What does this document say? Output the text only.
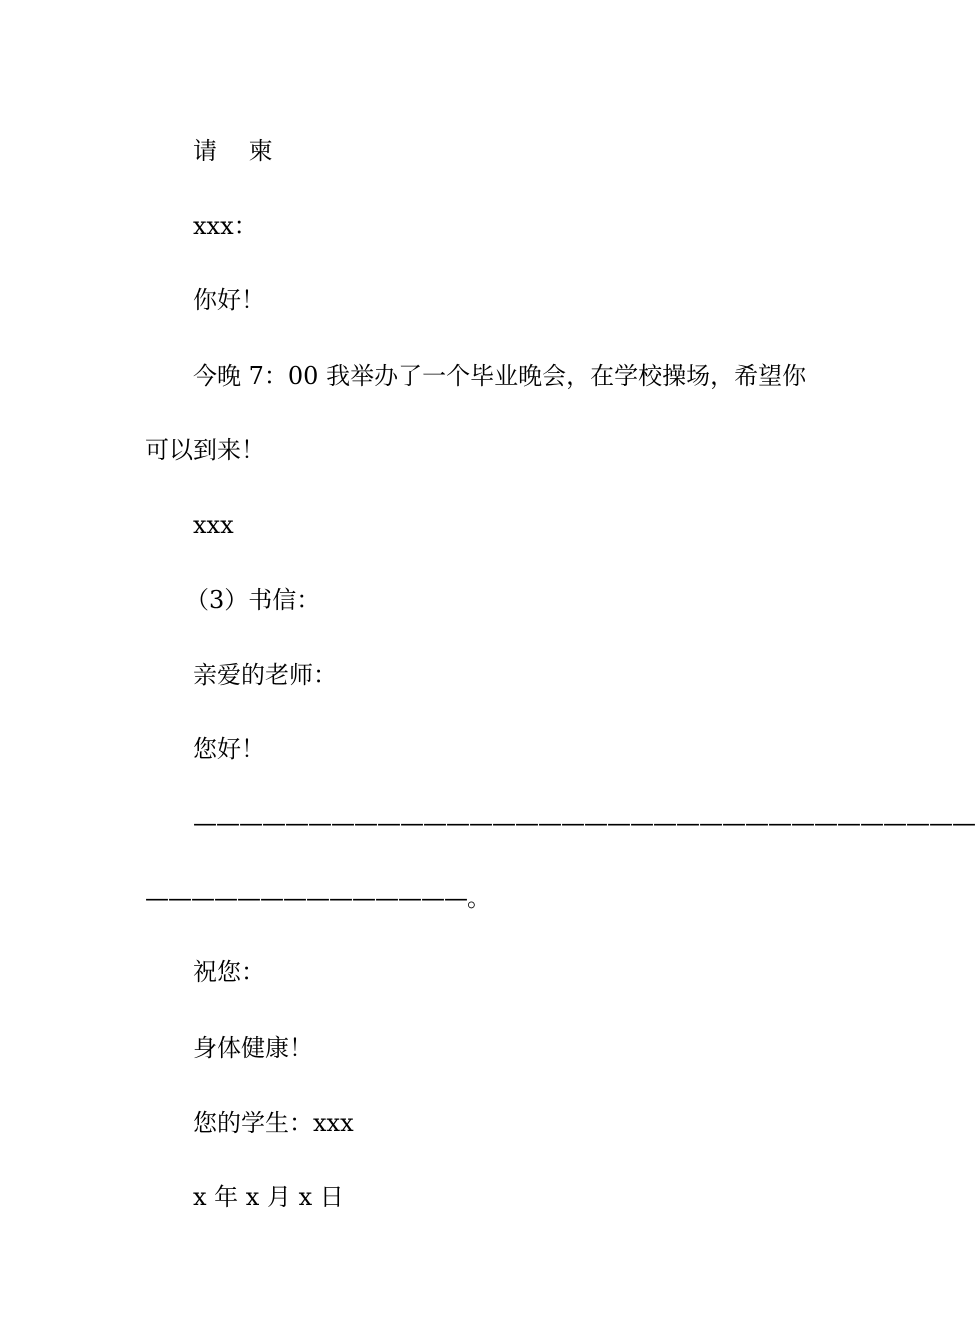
请 柬

xxx：

你好！

今晚 7：00 我举办了一个毕业晚会，在学校操场，希望你

可以到来！

xxx

（3）书信：

亲爱的老师：

您好！

——————————————————————————————————

——————————————。

祝您：

身体健康！

您的学生：xxx

x 年 x 月 x 日
